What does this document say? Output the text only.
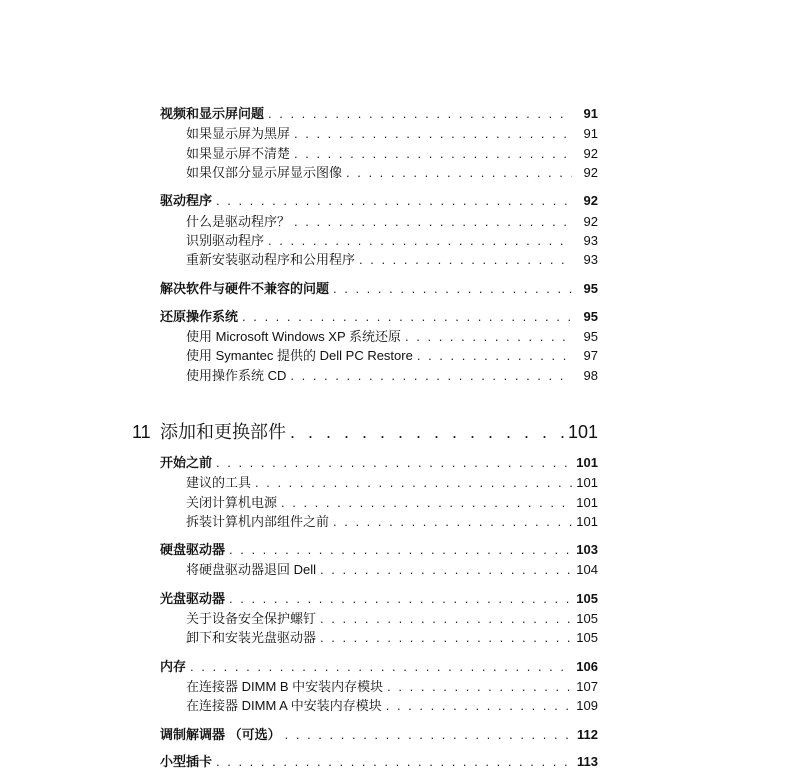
视频和显示屏问题 . . .	91
如果显示屏为黑屏 . . .	91
如果显示屏不清楚 . . .	92
如果仅部分显示屏显示图像 . . .	92
驱动程序 . . .	92
什么是驱动程序？ . . .	92
识别驱动程序 . . .	93
重新安装驱动程序和公用程序 . . .	93
解决软件与硬件不兼容的问题 . . .	95
还原操作系统 . . .	95
使用 Microsoft Windows XP 系统还原 . . .	95
使用 Symantec 提供的 Dell PC Restore . . .	97
使用操作系统 CD . . .	98
11 添加和更换部件 . . .	101
开始之前 . . .	101
建议的工具 . . .	101
关闭计算机电源 . . .	101
拆装计算机内部组件之前 . . .	101
硬盘驱动器 . . .	103
将硬盘驱动器退回 Dell . . .	104
光盘驱动器 . . .	105
关于设备安全保护螺钉 . . .	105
卸下和安装光盘驱动器 . . .	105
内存 . . .	106
在连接器 DIMM B 中安装内存模块 . . .	107
在连接器 DIMM A 中安装内存模块 . . .	109
调制解调器 （可选） . . .	112
小型插卡 . . .	113
